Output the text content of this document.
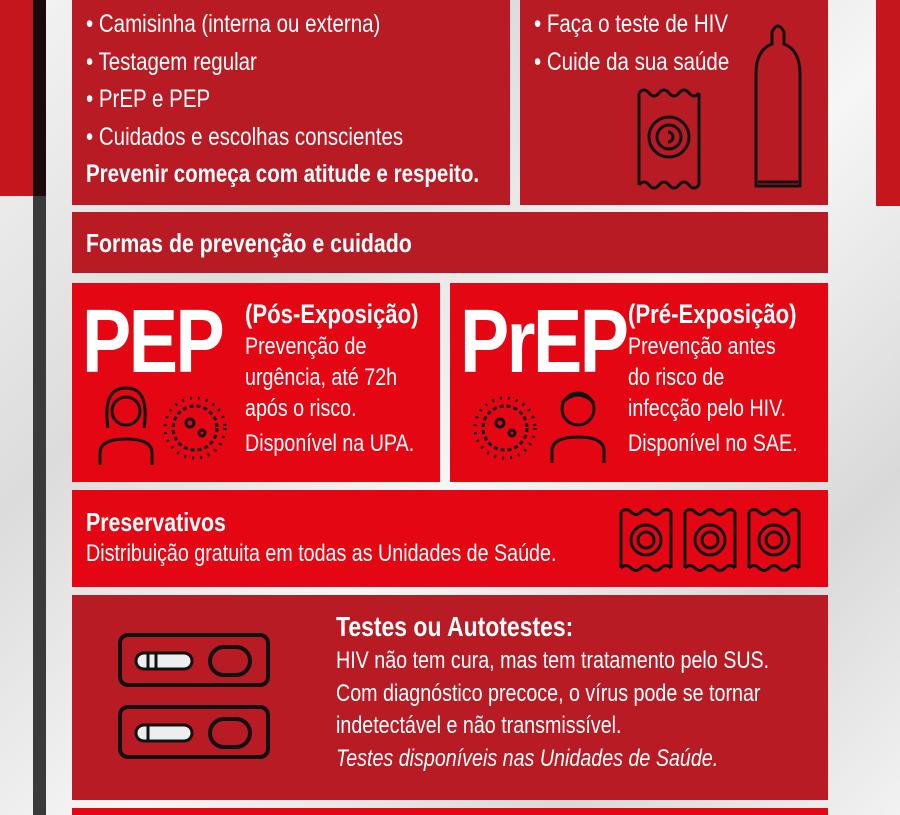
• Camisinha (interna ou externa)
• Testagem regular
• PrEP e PEP
• Cuidados e escolhas conscientes
Prevenir começa com atitude e respeito.
• Faça o teste de HIV
• Cuide da sua saúde
Formas de prevenção e cuidado
PEP (Pós-Exposição)
Prevenção de
urgência, até 72h
após o risco.
Disponível na UPA.
PrEP (Pré-Exposição)
Prevenção antes
do risco de
infecção pelo HIV.
Disponível no SAE.
Preservativos
Distribuição gratuita em todas as Unidades de Saúde.
Testes ou Autotestes:
HIV não tem cura, mas tem tratamento pelo SUS.
Com diagnóstico precoce, o vírus pode se tornar
indetectável e não transmissível.
Testes disponíveis nas Unidades de Saúde.
